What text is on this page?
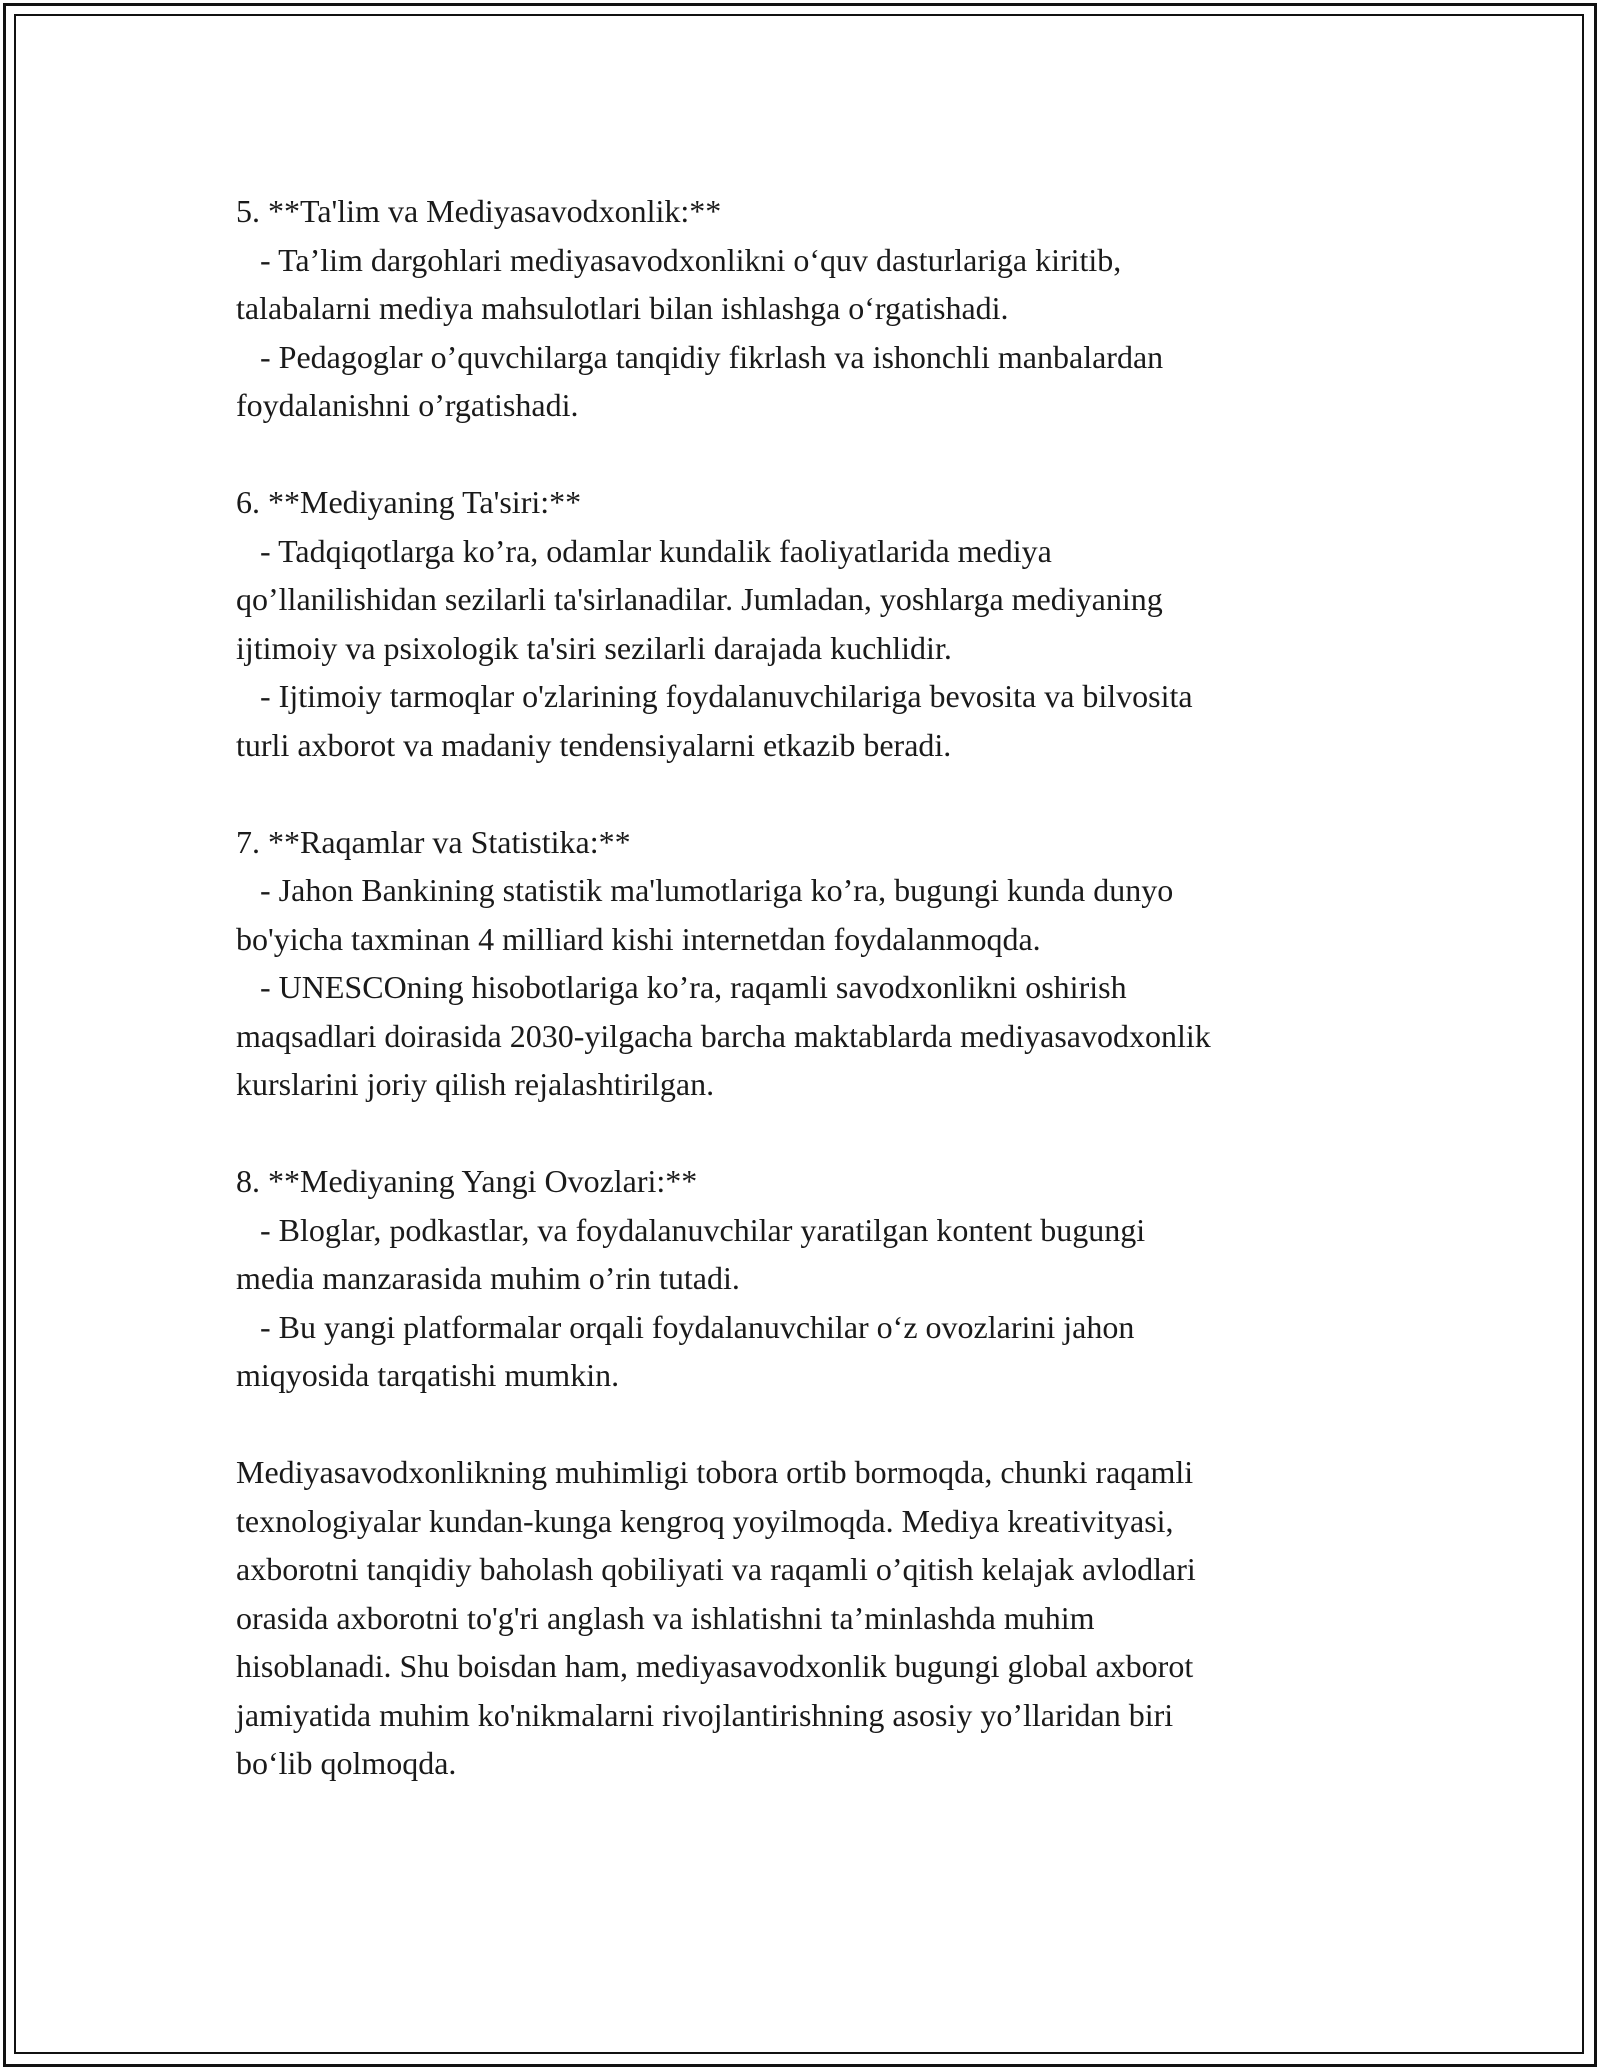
5. **Ta'lim va Mediyasavodxonlik:**
- Ta’lim dargohlari mediyasavodxonlikni o‘quv dasturlariga kiritib,
talabalarni mediya mahsulotlari bilan ishlashga o‘rgatishadi.
- Pedagoglar o’quvchilarga tanqidiy fikrlash va ishonchli manbalardan
foydalanishni o’rgatishadi.
6. **Mediyaning Ta'siri:**
- Tadqiqotlarga ko’ra, odamlar kundalik faoliyatlarida mediya
qo’llanilishidan sezilarli ta'sirlanadilar. Jumladan, yoshlarga mediyaning
ijtimoiy va psixologik ta'siri sezilarli darajada kuchlidir.
- Ijtimoiy tarmoqlar o'zlarining foydalanuvchilariga bevosita va bilvosita
turli axborot va madaniy tendensiyalarni etkazib beradi.
7. **Raqamlar va Statistika:**
- Jahon Bankining statistik ma'lumotlariga ko’ra, bugungi kunda dunyo
bo'yicha taxminan 4 milliard kishi internetdan foydalanmoqda.
- UNESCOning hisobotlariga ko’ra, raqamli savodxonlikni oshirish
maqsadlari doirasida 2030-yilgacha barcha maktablarda mediyasavodxonlik
kurslarini joriy qilish rejalashtirilgan.
8. **Mediyaning Yangi Ovozlari:**
- Bloglar, podkastlar, va foydalanuvchilar yaratilgan kontent bugungi
media manzarasida muhim o’rin tutadi.
- Bu yangi platformalar orqali foydalanuvchilar o‘z ovozlarini jahon
miqyosida tarqatishi mumkin.
Mediyasavodxonlikning muhimligi tobora ortib bormoqda, chunki raqamli
texnologiyalar kundan-kunga kengroq yoyilmoqda. Mediya kreativityasi,
axborotni tanqidiy baholash qobiliyati va raqamli o’qitish kelajak avlodlari
orasida axborotni to'g'ri anglash va ishlatishni ta’minlashda muhim
hisoblanadi. Shu boisdan ham, mediyasavodxonlik bugungi global axborot
jamiyatida muhim ko'nikmalarni rivojlantirishning asosiy yo’llaridan biri
bo‘lib qolmoqda.
